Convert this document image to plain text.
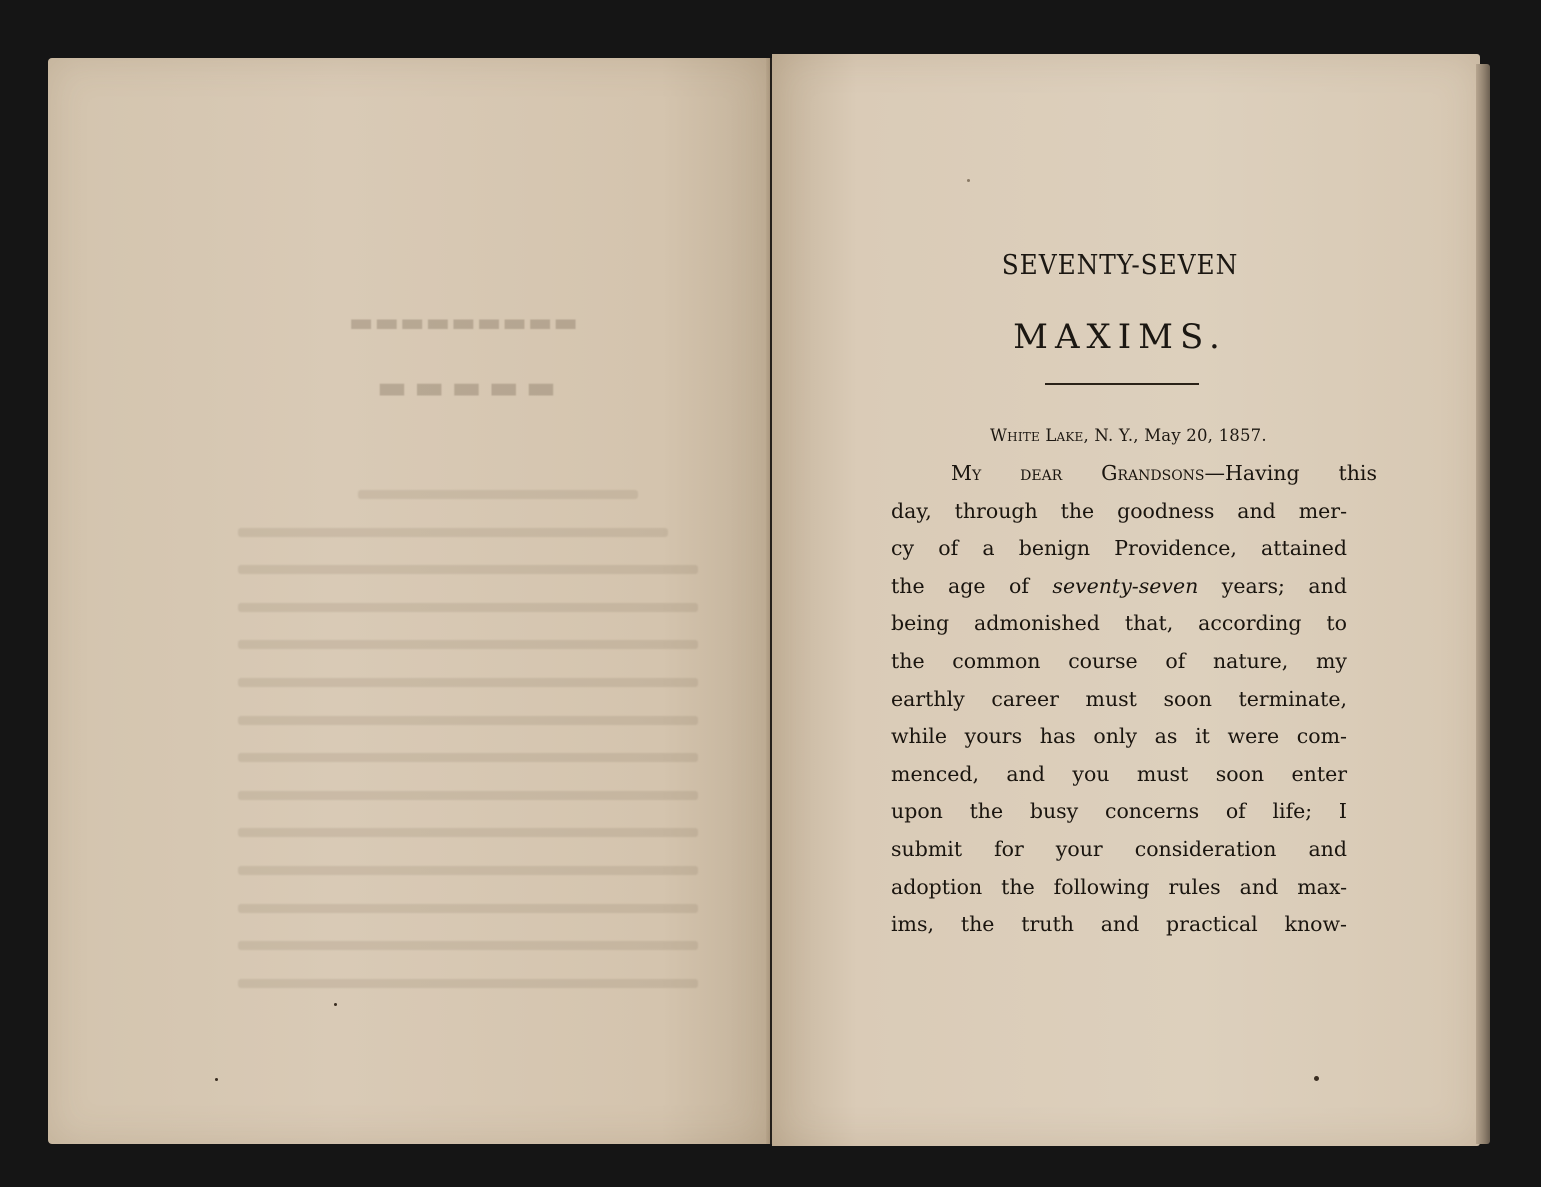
▬▬▬▬▬▬▬▬▬
▬▬▬▬▬
SEVENTY-SEVEN
MAXIMS.
White Lake, N. Y., May 20, 1857.
My dear Grandsons—Having this
day, through the goodness and mer-
cy of a benign Providence, attained
the age of seventy-seven years; and
being admonished that, according to
the common course of nature, my
earthly career must soon terminate,
while yours has only as it were com-
menced, and you must soon enter
upon the busy concerns of life; I
submit for your consideration and
adoption the following rules and max-
ims, the truth and practical know-
